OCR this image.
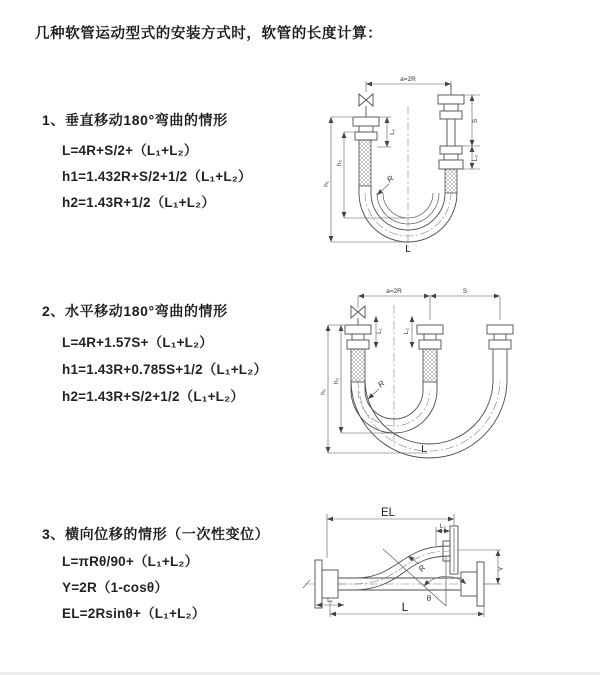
几种软管运动型式的安装方式时，软管的长度计算：
1、垂直移动180°弯曲的情形
L=4R+S/2+（L₁+L₂）
h1=1.432R+S/2+1/2（L₁+L₂）
h2=1.43R+1/2（L₁+L₂）
2、水平移动180°弯曲的情形
L=4R+1.57S+（L₁+L₂）
h1=1.43R+0.785S+1/2（L₁+L₂）
h2=1.43R+S/2+1/2（L₁+L₂）
3、横向位移的情形（一次性变位）
L=πRθ/90+（L₁+L₂）
Y=2R（1-cosθ）
EL=2Rsinθ+（L₁+L₂）
a=2R
R
L
h₁
h₂
L₁
S
L₂
a=2R	S
R
L
h₁
h₂
L₁	L₂
EL
L₂
Y
R
θ
L₁
L
